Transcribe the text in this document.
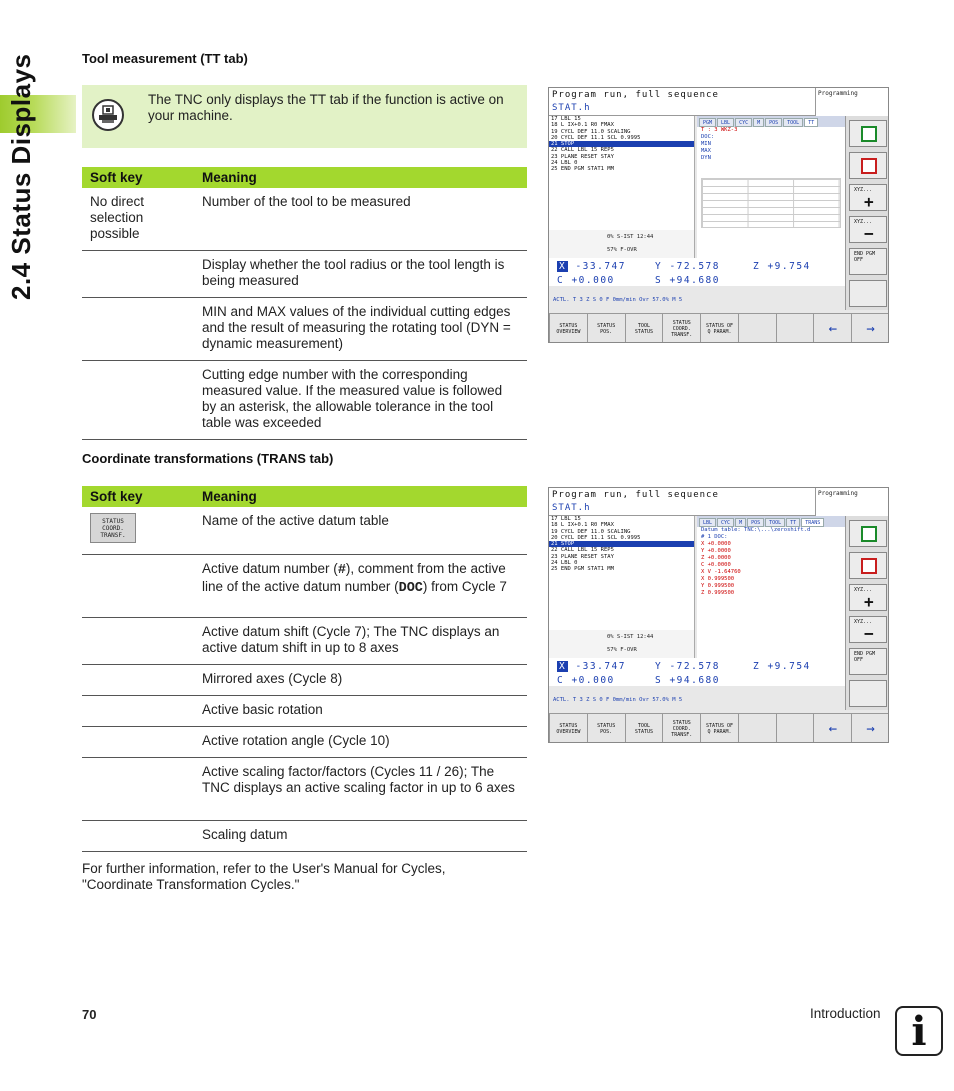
2.4 Status Displays	Tool measurement (TT tab)
The TNC only displays the TT tab if the function is active on your machine.
Soft key	Meaning
No direct selection possible	Number of the tool to be measured
	Display whether the tool radius or the tool length is being measured
	MIN and MAX values of the individual cutting edges and the result of measuring the rotating tool (DYN = dynamic measurement)
	Cutting edge number with the corresponding measured value. If the measured value is followed by an asterisk, the allowable tolerance in the tool table was exceeded
Coordinate transformations (TRANS tab)
Soft key	Meaning

STATUS
COORD.
TRANSF.	Name of the active datum table
	Active datum number (#), comment from the active line of the active datum number (DOC) from Cycle 7
	Active datum shift (Cycle 7); The TNC displays an active datum shift in up to 8 axes
	Mirrored axes (Cycle 8)
	Active basic rotation
	Active rotation angle (Cycle 10)
	Active scaling factor/factors (Cycles 11 / 26); The TNC displays an active scaling factor in up to 6 axes
	Scaling datum
For further information, refer to the User's Manual for Cycles, "Coordinate Transformation Cycles."
70	Introduction i
Program run, full sequence
STAT.h
Programming
17 LBL 15
18 L IX+0.1 R0 FMAX
19 CYCL DEF 11.0 SCALING
20 CYCL DEF 11.1 SCL 0.9995
21 STOP
22 CALL LBL 15 REP5
23 PLANE RESET STAY
24 LBL 0
25 END PGM STAT1 MM
0% S-IST 12:44
57% F-OVR
PGM	LBL	CYC	M	POS	TOOL	TT
T : 3 WKZ-3
DOC:
MIN
MAX
DYN
X -33.747	Y -72.578	Z +9.754
C +0.000	S +94.680
ACTL. T 3 Z S 0 F 0mm/min Ovr 57.0% M 5
XYZ...
+
XYZ...
−
END PGM OFF
STATUS
OVERVIEW
STATUS
POS.
TOOL
STATUS
STATUS
COORD.
TRANSF.
STATUS OF
Q PARAM.	←	→
Program run, full sequence
STAT.h
Programming
17 LBL 15
18 L IX+0.1 R0 FMAX
19 CYCL DEF 11.0 SCALING
20 CYCL DEF 11.1 SCL 0.9995
21 STOP
22 CALL LBL 15 REP5
23 PLANE RESET STAY
24 LBL 0
25 END PGM STAT1 MM
0% S-IST 12:44
57% F-OVR
LBL	CYC	M	POS	TOOL	TT	TRANS
Datum table: TNC:\...\zeroshift.d
# 1 DOC:
X +0.0000
Y +0.0000
Z +0.0000
C +0.0000
X V -1.64760
X 0.999500
Y 0.999500
Z 0.999500
X -33.747	Y -72.578	Z +9.754
C +0.000	S +94.680
ACTL. T 3 Z S 0 F 0mm/min Ovr 57.0% M 5
XYZ...
+
XYZ...
−
END PGM OFF
STATUS
OVERVIEW
STATUS
POS.
TOOL
STATUS
STATUS
COORD.
TRANSF.
STATUS OF
Q PARAM.	←	→
